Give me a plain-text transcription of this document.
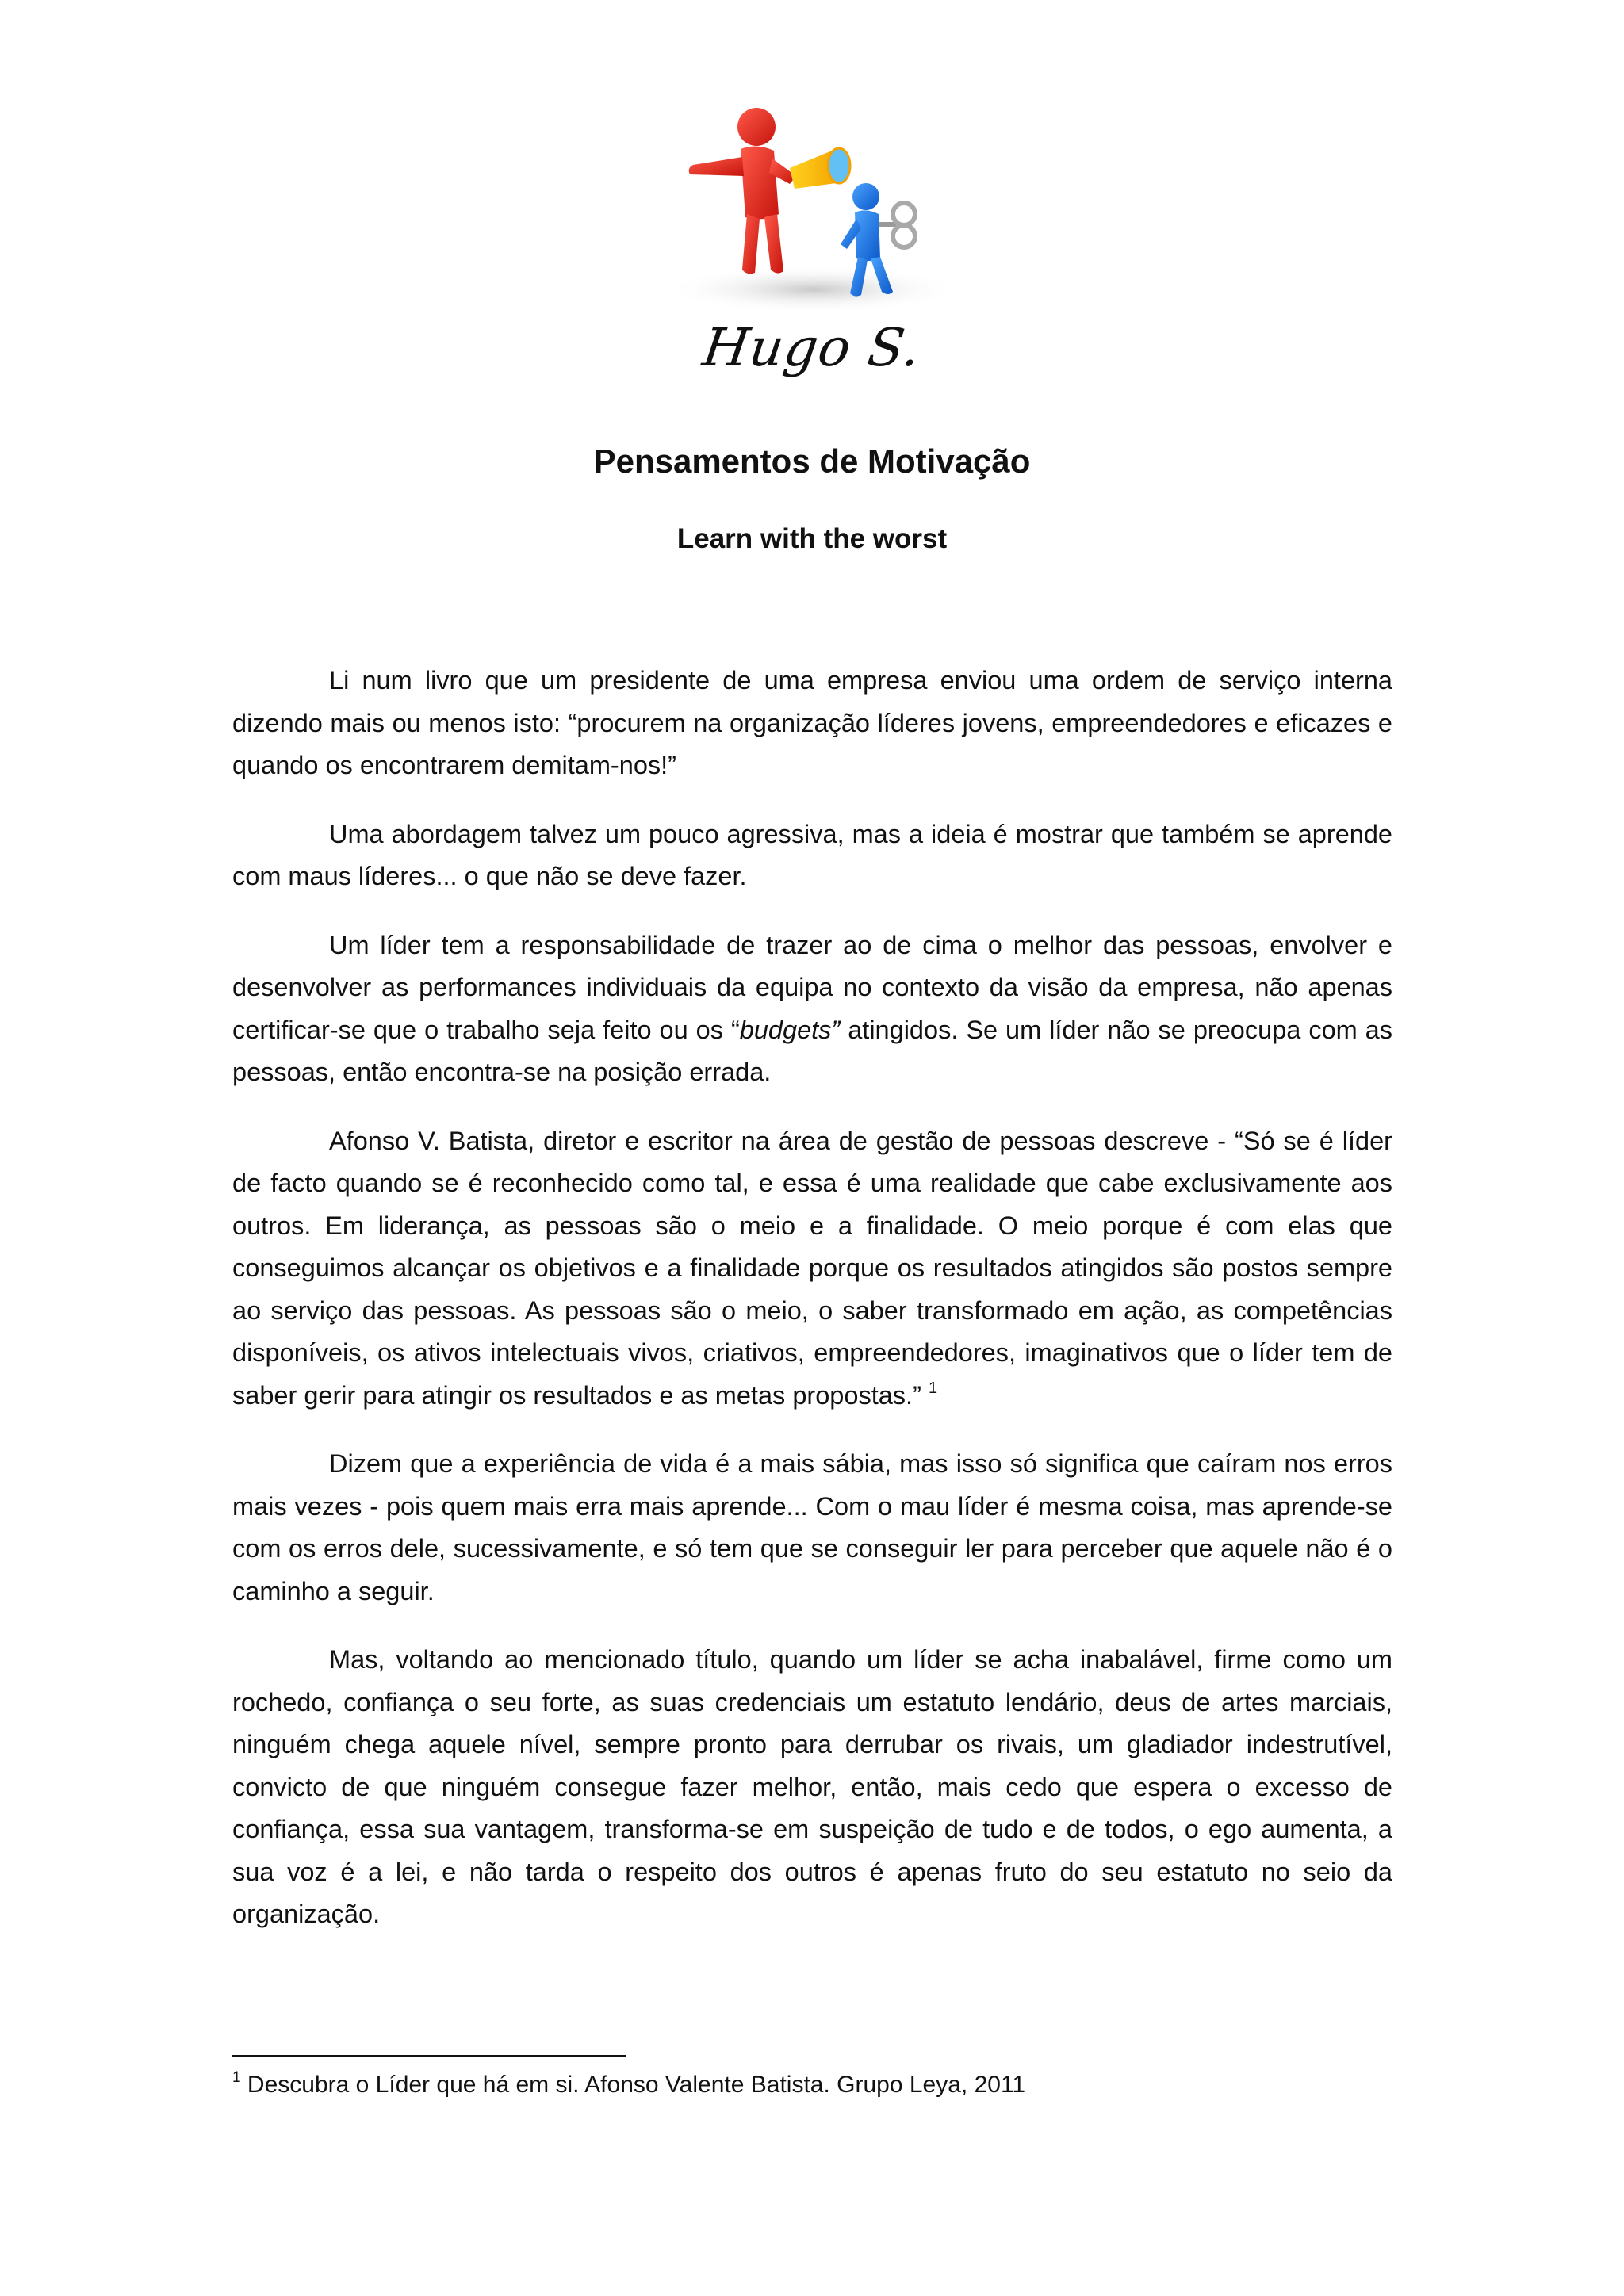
Hugo S.
Pensamentos de Motivação
Learn with the worst

Li num livro que um presidente de uma empresa enviou uma ordem de serviço interna dizendo mais ou menos isto: “procurem na organização líderes jovens, empreendedores e eficazes e quando os encontrarem demitam-nos!”

Uma abordagem talvez um pouco agressiva, mas a ideia é mostrar que também se aprende com maus líderes... o que não se deve fazer.

Um líder tem a responsabilidade de trazer ao de cima o melhor das pessoas, envolver e desenvolver as performances individuais da equipa no contexto da visão da empresa, não apenas certificar-se que o trabalho seja feito ou os “budgets” atingidos. Se um líder não se preocupa com as pessoas, então encontra-se na posição errada.

Afonso V. Batista, diretor e escritor na área de gestão de pessoas descreve - “Só se é líder de facto quando se é reconhecido como tal, e essa é uma realidade que cabe exclusivamente aos outros. Em liderança, as pessoas são o meio e a finalidade. O meio porque é com elas que conseguimos alcançar os objetivos e a finalidade porque os resultados atingidos são postos sempre ao serviço das pessoas. As pessoas são o meio, o saber transformado em ação, as competências disponíveis, os ativos intelectuais vivos, criativos, empreendedores, imaginativos que o líder tem de saber gerir para atingir os resultados e as metas propostas.” $^1$

Dizem que a experiência de vida é a mais sábia, mas isso só significa que caíram nos erros mais vezes - pois quem mais erra mais aprende... Com o mau líder é mesma coisa, mas aprende-se com os erros dele, sucessivamente, e só tem que se conseguir ler para perceber que aquele não é o caminho a seguir.

Mas, voltando ao mencionado título, quando um líder se acha inabalável, firme como um rochedo, confiança o seu forte, as suas credenciais um estatuto lendário, deus de artes marciais, ninguém chega aquele nível, sempre pronto para derrubar os rivais, um gladiador indestrutível, convicto de que ninguém consegue fazer melhor, então, mais cedo que espera o excesso de confiança, essa sua vantagem, transforma-se em suspeição de tudo e de todos, o ego aumenta, a sua voz é a lei, e não tarda o respeito dos outros é apenas fruto do seu estatuto no seio da organização.

$^1$ Descubra o Líder que há em si. Afonso Valente Batista. Grupo Leya, 2011
